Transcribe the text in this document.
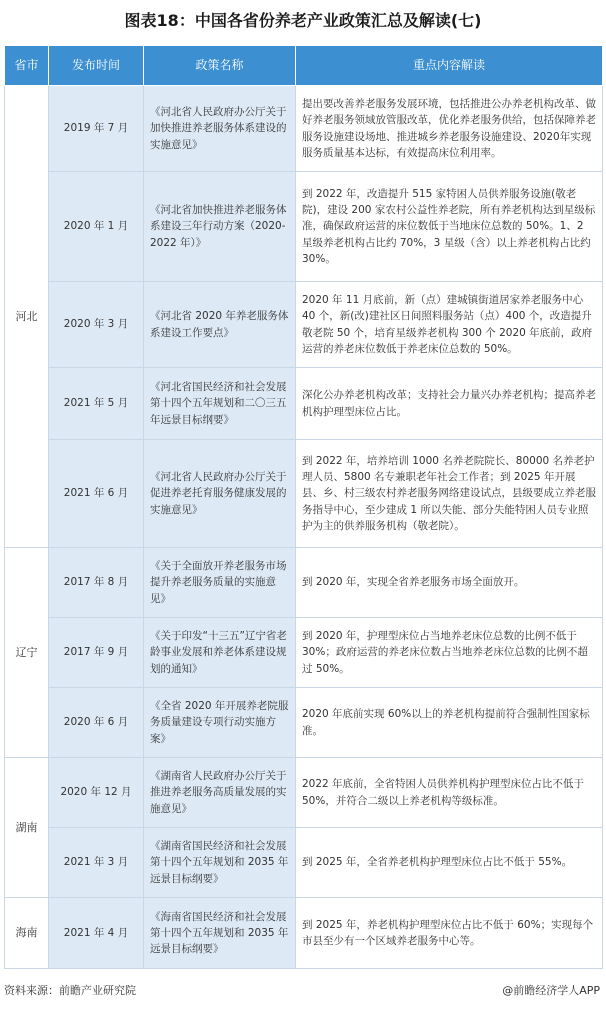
图表18：中国各省份养老产业政策汇总及解读(七)
省市	发布时间	政策名称	重点内容解读
河北	2019 年 7 月	《河北省人民政府办公厅关于加快推进养老服务体系建设的实施意见》	提出要改善养老服务发展环境，包括推进公办养老机构改革、做好养老服务领域放管服改革，优化养老服务供给，包括保障养老服务设施建设场地、推进城乡养老服务设施建设、2020年实现服务质量基本达标，有效提高床位利用率。
	2020 年 1 月	《河北省加快推进养老服务体系建设三年行动方案（2020-2022 年）》	到 2022 年，改造提升 515 家特困人员供养服务设施(敬老院)，建设 200 家农村公益性养老院，所有养老机构达到星级标准，确保政府运营的床位数低于当地床位总数的 50%。1、2 星级养老机构占比约 70%，3 星级（含）以上养老机构占比约 30%。
	2020 年 3 月	《河北省 2020 年养老服务体系建设工作要点》	2020 年 11 月底前，新（点）建城镇街道居家养老服务中心 40 个，新(改)建社区日间照料服务站（点）400 个，改造提升敬老院 50 个，培育星级养老机构 300 个 2020 年底前，政府运营的养老床位数低于养老床位总数的 50%。
	2021 年 5 月	《河北省国民经济和社会发展第十四个五年规划和二〇三五年远景目标纲要》	深化公办养老机构改革；支持社会力量兴办养老机构；提高养老机构护理型床位占比。
	2021 年 6 月	《河北省人民政府办公厅关于促进养老托育服务健康发展的实施意见》	到 2022 年，培养培训 1000 名养老院院长、80000 名养老护理人员、5800 名专兼职老年社会工作者；到 2025 年开展县、乡、村三级农村养老服务网络建设试点，县级要成立养老服务指导中心，至少建成 1 所以失能、部分失能特困人员专业照护为主的供养服务机构（敬老院）。
辽宁	2017 年 8 月	《关于全面放开养老服务市场提升养老服务质量的实施意见》	到 2020 年，实现全省养老服务市场全面放开。
	2017 年 9 月	《关于印发“十三五”辽宁省老龄事业发展和养老体系建设规划的通知》	到 2020 年，护理型床位占当地养老床位总数的比例不低于30%；政府运营的养老床位数占当地养老床位总数的比例不超过 50%。
	2020 年 6 月	《全省 2020 年开展养老院服务质量建设专项行动实施方案》	2020 年底前实现 60%以上的养老机构提前符合强制性国家标准。
湖南	2020 年 12 月	《湖南省人民政府办公厅关于推进养老服务高质量发展的实施意见》	2022 年底前，全省特困人员供养机构护理型床位占比不低于50%，并符合二级以上养老机构等级标准。
	2021 年 3 月	《湖南省国民经济和社会发展第十四个五年规划和 2035 年远景目标纲要》	到 2025 年，全省养老机构护理型床位占比不低于 55%。
海南	2021 年 4 月	《海南省国民经济和社会发展第十四个五年规划和 2035 年远景目标纲要》	到 2025 年，养老机构护理型床位占比不低于 60%；实现每个市县至少有一个区域养老服务中心等。
资料来源：前瞻产业研究院	@前瞻经济学人APP
